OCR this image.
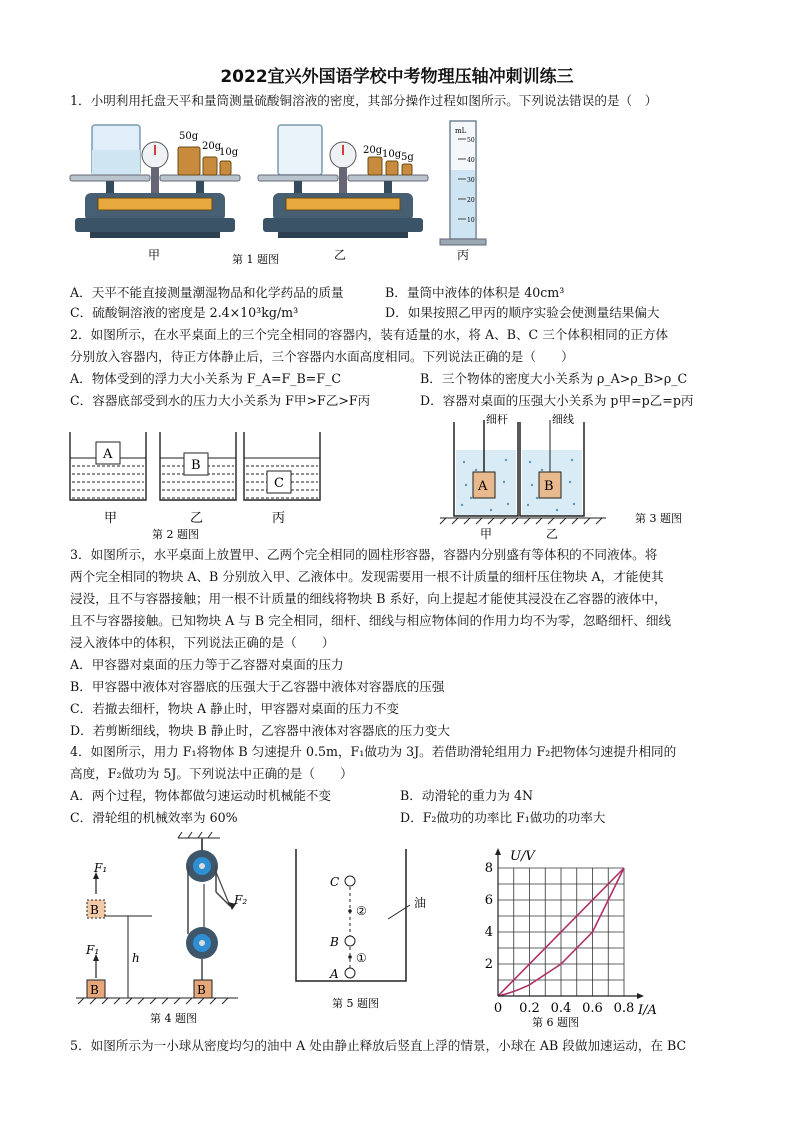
2022宜兴外国语学校中考物理压轴冲刺训练三
1．小明利用托盘天平和量筒测量硫酸铜溶液的密度，其部分操作过程如图所示。下列说法错误的是（　）
50g
20g
10g	20g 10g 5g
mL
50
40
30
20
10
甲	乙	丙
第 1 题图
A．天平不能直接测量潮湿物品和化学药品的质量	B．量筒中液体的体积是 40cm³
C．硫酸铜溶液的密度是 2.4×10³kg/m³	D．如果按照乙甲丙的顺序实验会使测量结果偏大
2．如图所示，在水平桌面上的三个完全相同的容器内，装有适量的水，将 A、B、C 三个体积相同的正方体
分别放入容器内，待正方体静止后，三个容器内水面高度相同。下列说法正确的是（　　）
A．物体受到的浮力大小关系为 F_A=F_B=F_C	B．三个物体的密度大小关系为 ρ_A>ρ_B>ρ_C
C．容器底部受到水的压力大小关系为 F甲>F乙>F丙	D．容器对桌面的压强大小关系为 p甲=p乙=p丙
A
B
C
甲	乙	丙
第 2 题图
A
细杆
B
细线
甲	乙
第 3 题图
3．如图所示，水平桌面上放置甲、乙两个完全相同的圆柱形容器，容器内分别盛有等体积的不同液体。将
两个完全相同的物块 A、B 分别放入甲、乙液体中。发现需要用一根不计质量的细杆压住物块 A，才能使其
浸没，且不与容器接触；用一根不计质量的细线将物块 B 系好，向上提起才能使其浸没在乙容器的液体中，
且不与容器接触。已知物块 A 与 B 完全相同，细杆、细线与相应物体间的作用力均不为零，忽略细杆、细线
浸入液体中的体积，下列说法正确的是（　　）
A．甲容器对桌面的压力等于乙容器对桌面的压力
B．甲容器中液体对容器底的压强大于乙容器中液体对容器底的压强
C．若撤去细杆，物块 A 静止时，甲容器对桌面的压力不变
D．若剪断细线，物块 B 静止时，乙容器中液体对容器底的压力变大
4．如图所示，用力 F₁将物体 B 匀速提升 0.5m，F₁做功为 3J。若借助滑轮组用力 F₂把物体匀速提升相同的
高度，F₂做功为 5J。下列说法中正确的是（　　）
A．两个过程，物体都做匀速运动时机械能不变	B．动滑轮的重力为 4N
C．滑轮组的机械效率为 60%	D．F₂做功的功率比 F₁做功的功率大
B
F₂
F₁
B
h
F₁
B
第 4 题图
C
B
A
②
①
油
第 5 题图
U/V
I/A
8
6
4
2
0 0.2 0.4 0.6 0.8
第 6 题图
5．如图所示为一小球从密度均匀的油中 A 处由静止释放后竖直上浮的情景，小球在 AB 段做加速运动，在 BC
